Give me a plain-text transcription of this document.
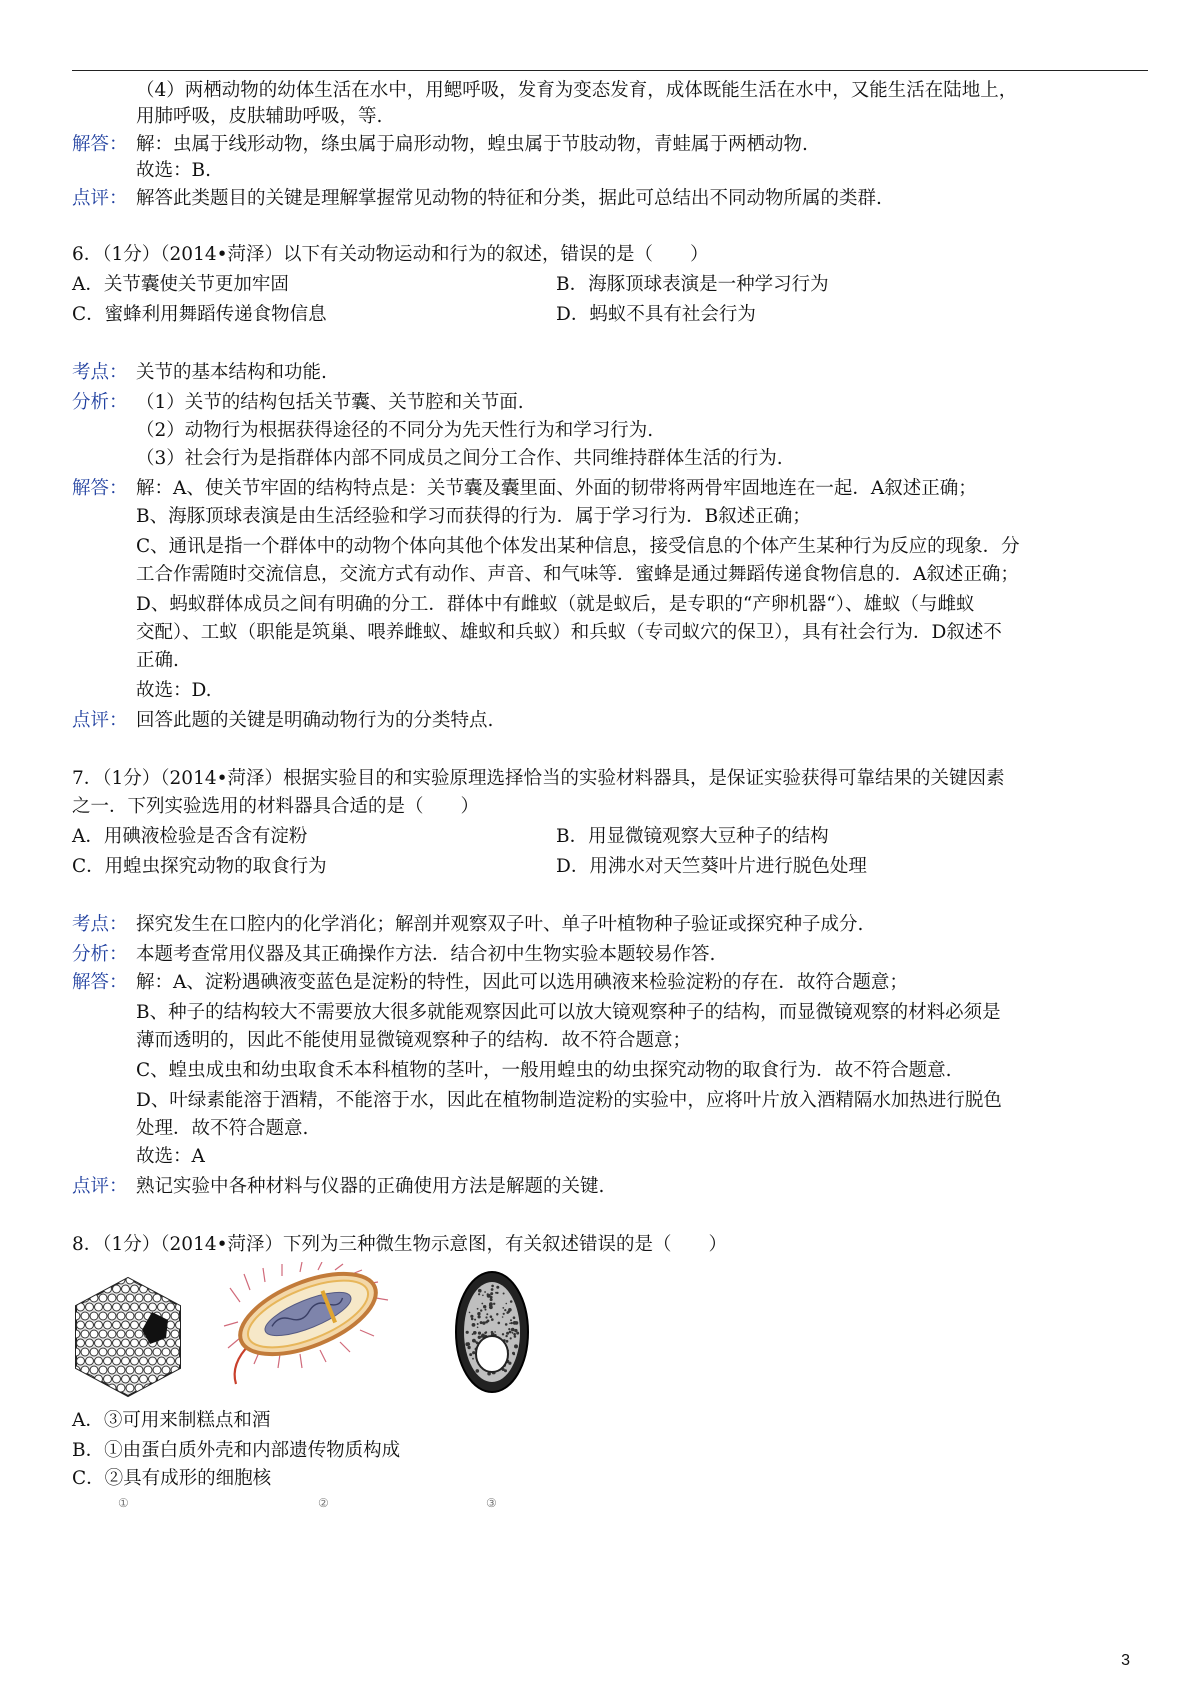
（4）两栖动物的幼体生活在水中，用鳃呼吸，发育为变态发育，成体既能生活在水中，又能生活在陆地上，
用肺呼吸，皮肤辅助呼吸，等.
解答： 解：虫属于线形动物，绦虫属于扁形动物，蝗虫属于节肢动物，青蛙属于两栖动物.
故选：B.
点评： 解答此类题目的关键是理解掌握常见动物的特征和分类，据此可总结出不同动物所属的类群.
6．（1分）（2014•菏泽）以下有关动物运动和行为的叙述，错误的是（　　）
A．关节囊使关节更加牢固	B．海豚顶球表演是一种学习行为
C．蜜蜂利用舞蹈传递食物信息	D．蚂蚁不具有社会行为
考点： 关节的基本结构和功能.
分析： （1）关节的结构包括关节囊、关节腔和关节面.
（2）动物行为根据获得途径的不同分为先天性行为和学习行为.
（3）社会行为是指群体内部不同成员之间分工合作、共同维持群体生活的行为.
解答： 解：A、使关节牢固的结构特点是：关节囊及囊里面、外面的韧带将两骨牢固地连在一起．A叙述正确；
B、海豚顶球表演是由生活经验和学习而获得的行为．属于学习行为．B叙述正确；
C、通讯是指一个群体中的动物个体向其他个体发出某种信息，接受信息的个体产生某种行为反应的现象．分
工合作需随时交流信息，交流方式有动作、声音、和气味等．蜜蜂是通过舞蹈传递食物信息的．A叙述正确；
D、蚂蚁群体成员之间有明确的分工．群体中有雌蚁（就是蚁后，是专职的“产卵机器“）、雄蚁（与雌蚁
交配）、工蚁（职能是筑巢、喂养雌蚁、雄蚁和兵蚁）和兵蚁（专司蚁穴的保卫），具有社会行为．D叙述不
正确.
故选：D.
点评： 回答此题的关键是明确动物行为的分类特点.
7．（1分）（2014•菏泽）根据实验目的和实验原理选择恰当的实验材料器具，是保证实验获得可靠结果的关键因素
之一．下列实验选用的材料器具合适的是（　　）
A．用碘液检验是否含有淀粉	B．用显微镜观察大豆种子的结构
C．用蝗虫探究动物的取食行为	D．用沸水对天竺葵叶片进行脱色处理
考点： 探究发生在口腔内的化学消化；解剖并观察双子叶、单子叶植物种子验证或探究种子成分.
分析： 本题考查常用仪器及其正确操作方法．结合初中生物实验本题较易作答.
解答： 解：A、淀粉遇碘液变蓝色是淀粉的特性，因此可以选用碘液来检验淀粉的存在．故符合题意；
B、种子的结构较大不需要放大很多就能观察因此可以放大镜观察种子的结构，而显微镜观察的材料必须是
薄而透明的，因此不能使用显微镜观察种子的结构．故不符合题意；
C、蝗虫成虫和幼虫取食禾本科植物的茎叶，一般用蝗虫的幼虫探究动物的取食行为．故不符合题意.
D、叶绿素能溶于酒精，不能溶于水，因此在植物制造淀粉的实验中，应将叶片放入酒精隔水加热进行脱色
处理．故不符合题意.
故选：A
点评： 熟记实验中各种材料与仪器的正确使用方法是解题的关键.
8．（1分）（2014•菏泽）下列为三种微生物示意图，有关叙述错误的是（　　）
①	②	③
A．③可用来制糕点和酒
B．①由蛋白质外壳和内部遗传物质构成
C．②具有成形的细胞核
3
